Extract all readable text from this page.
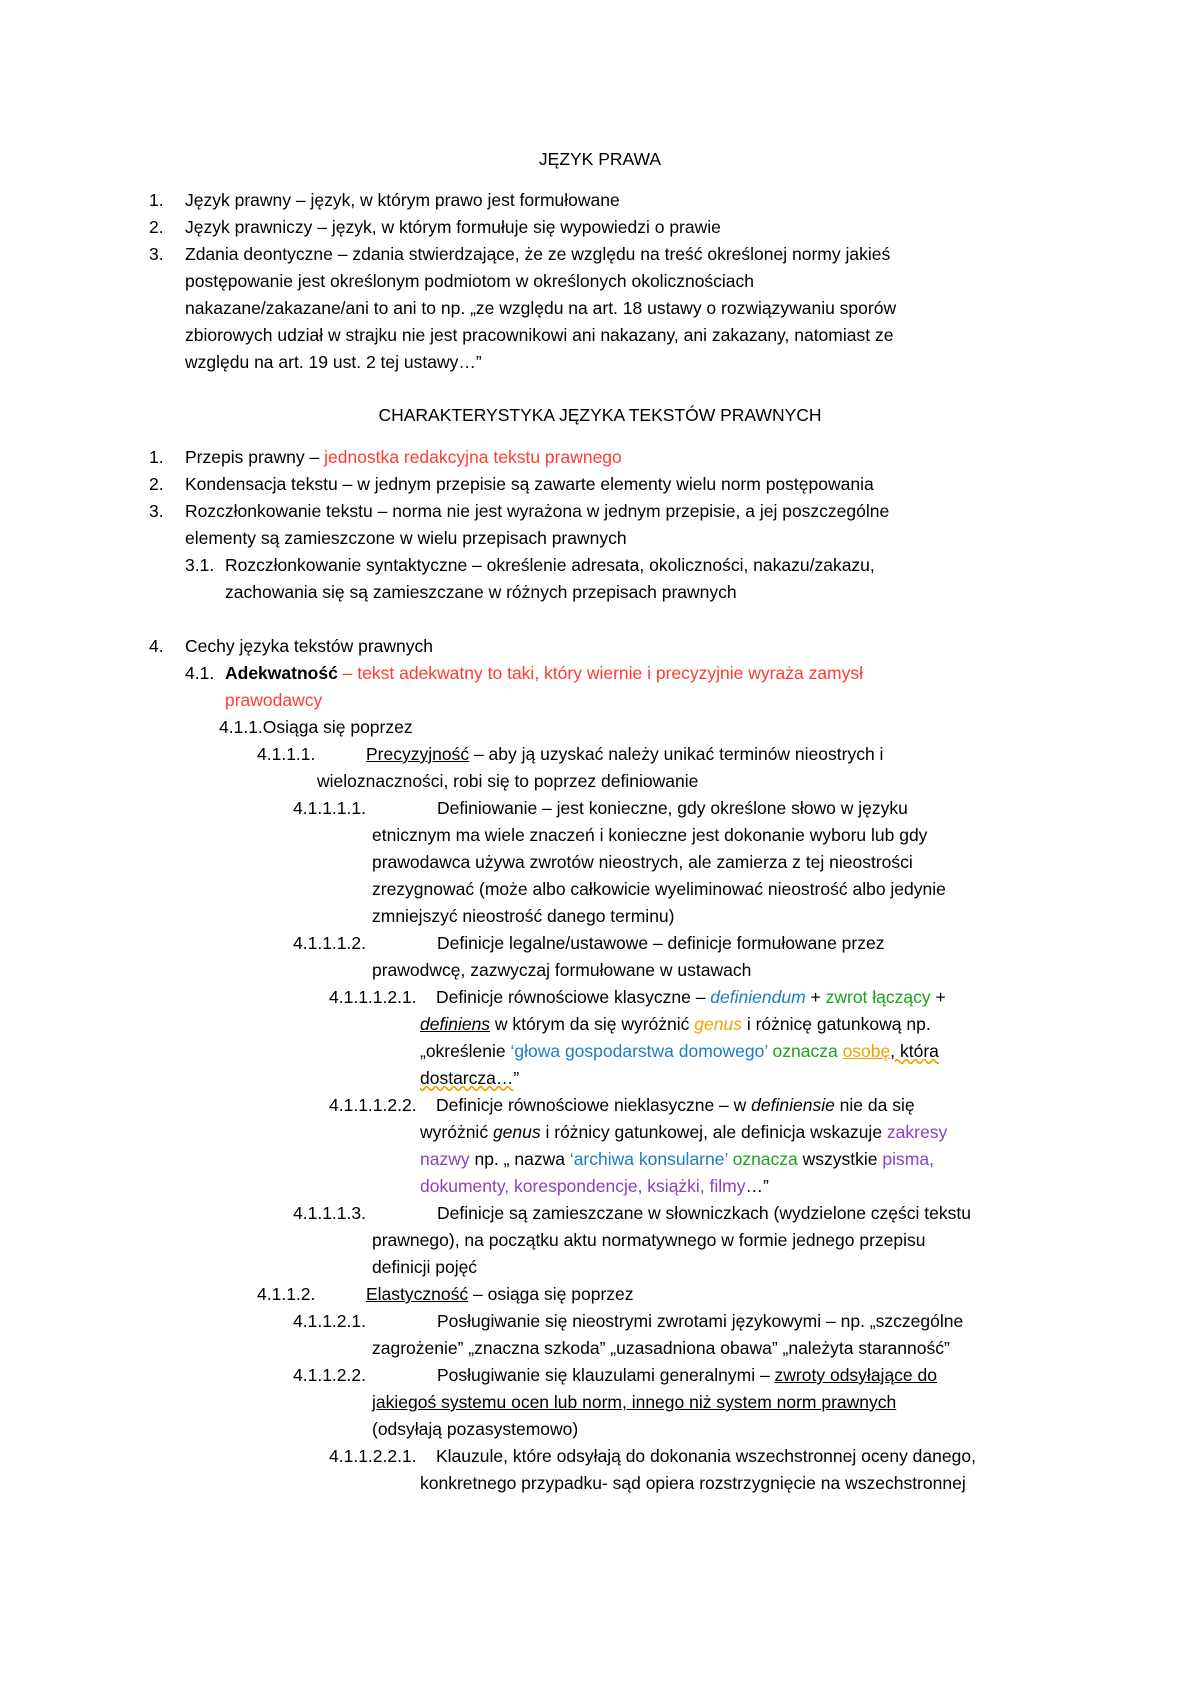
JĘZYK PRAWA
1. Język prawny – język, w którym prawo jest formułowane
2. Język prawniczy – język, w którym formułuje się wypowiedzi o prawie
3. Zdania deontyczne – zdania stwierdzające, że ze względu na treść określonej normy jakieś
postępowanie jest określonym podmiotom w określonych okolicznościach
nakazane/zakazane/ani to ani to np. „ze względu na art. 18 ustawy o rozwiązywaniu sporów
zbiorowych udział w strajku nie jest pracownikowi ani nakazany, ani zakazany, natomiast ze
względu na art. 19 ust. 2 tej ustawy…”
CHARAKTERYSTYKA JĘZYKA TEKSTÓW PRAWNYCH
1. Przepis prawny – jednostka redakcyjna tekstu prawnego
2. Kondensacja tekstu – w jednym przepisie są zawarte elementy wielu norm postępowania
3. Rozczłonkowanie tekstu – norma nie jest wyrażona w jednym przepisie, a jej poszczególne
elementy są zamieszczone w wielu przepisach prawnych
3.1. Rozczłonkowanie syntaktyczne – określenie adresata, okoliczności, nakazu/zakazu,
zachowania się są zamieszczane w różnych przepisach prawnych
4. Cechy języka tekstów prawnych
4.1. Adekwatność – tekst adekwatny to taki, który wiernie i precyzyjnie wyraża zamysł
prawodawcy
4.1.1.Osiąga się poprzez
4.1.1.1.	Precyzyjność – aby ją uzyskać należy unikać terminów nieostrych i
wieloznaczności, robi się to poprzez definiowanie
4.1.1.1.1.	Definiowanie – jest konieczne, gdy określone słowo w języku
etnicznym ma wiele znaczeń i konieczne jest dokonanie wyboru lub gdy
prawodawca używa zwrotów nieostrych, ale zamierza z tej nieostrości
zrezygnować (może albo całkowicie wyeliminować nieostrość albo jedynie
zmniejszyć nieostrość danego terminu)
4.1.1.1.2.	Definicje legalne/ustawowe – definicje formułowane przez
prawodwcę, zazwyczaj formułowane w ustawach
4.1.1.1.2.1. Definicje równościowe klasyczne – definiendum + zwrot łączący +
definiens w którym da się wyróżnić genus i różnicę gatunkową np.
„określenie ‘głowa gospodarstwa domowego’ oznacza osobę, która
dostarcza…”
4.1.1.1.2.2. Definicje równościowe nieklasyczne – w definiensie nie da się
wyróżnić genus i różnicy gatunkowej, ale definicja wskazuje zakresy
nazwy np. „ nazwa ‘archiwa konsularne’ oznacza wszystkie pisma,
dokumenty, korespondencje, książki, filmy…”
4.1.1.1.3.	Definicje są zamieszczane w słowniczkach (wydzielone części tekstu
prawnego), na początku aktu normatywnego w formie jednego przepisu
definicji pojęć
4.1.1.2.	Elastyczność – osiąga się poprzez
4.1.1.2.1.	Posługiwanie się nieostrymi zwrotami językowymi – np. „szczególne
zagrożenie” „znaczna szkoda” „uzasadniona obawa” „należyta staranność”
4.1.1.2.2.	Posługiwanie się klauzulami generalnymi – zwroty odsyłające do
jakiegoś systemu ocen lub norm, innego niż system norm prawnych
(odsyłają pozasystemowo)
4.1.1.2.2.1. Klauzule, które odsyłają do dokonania wszechstronnej oceny danego,
konkretnego przypadku- sąd opiera rozstrzygnięcie na wszechstronnej
